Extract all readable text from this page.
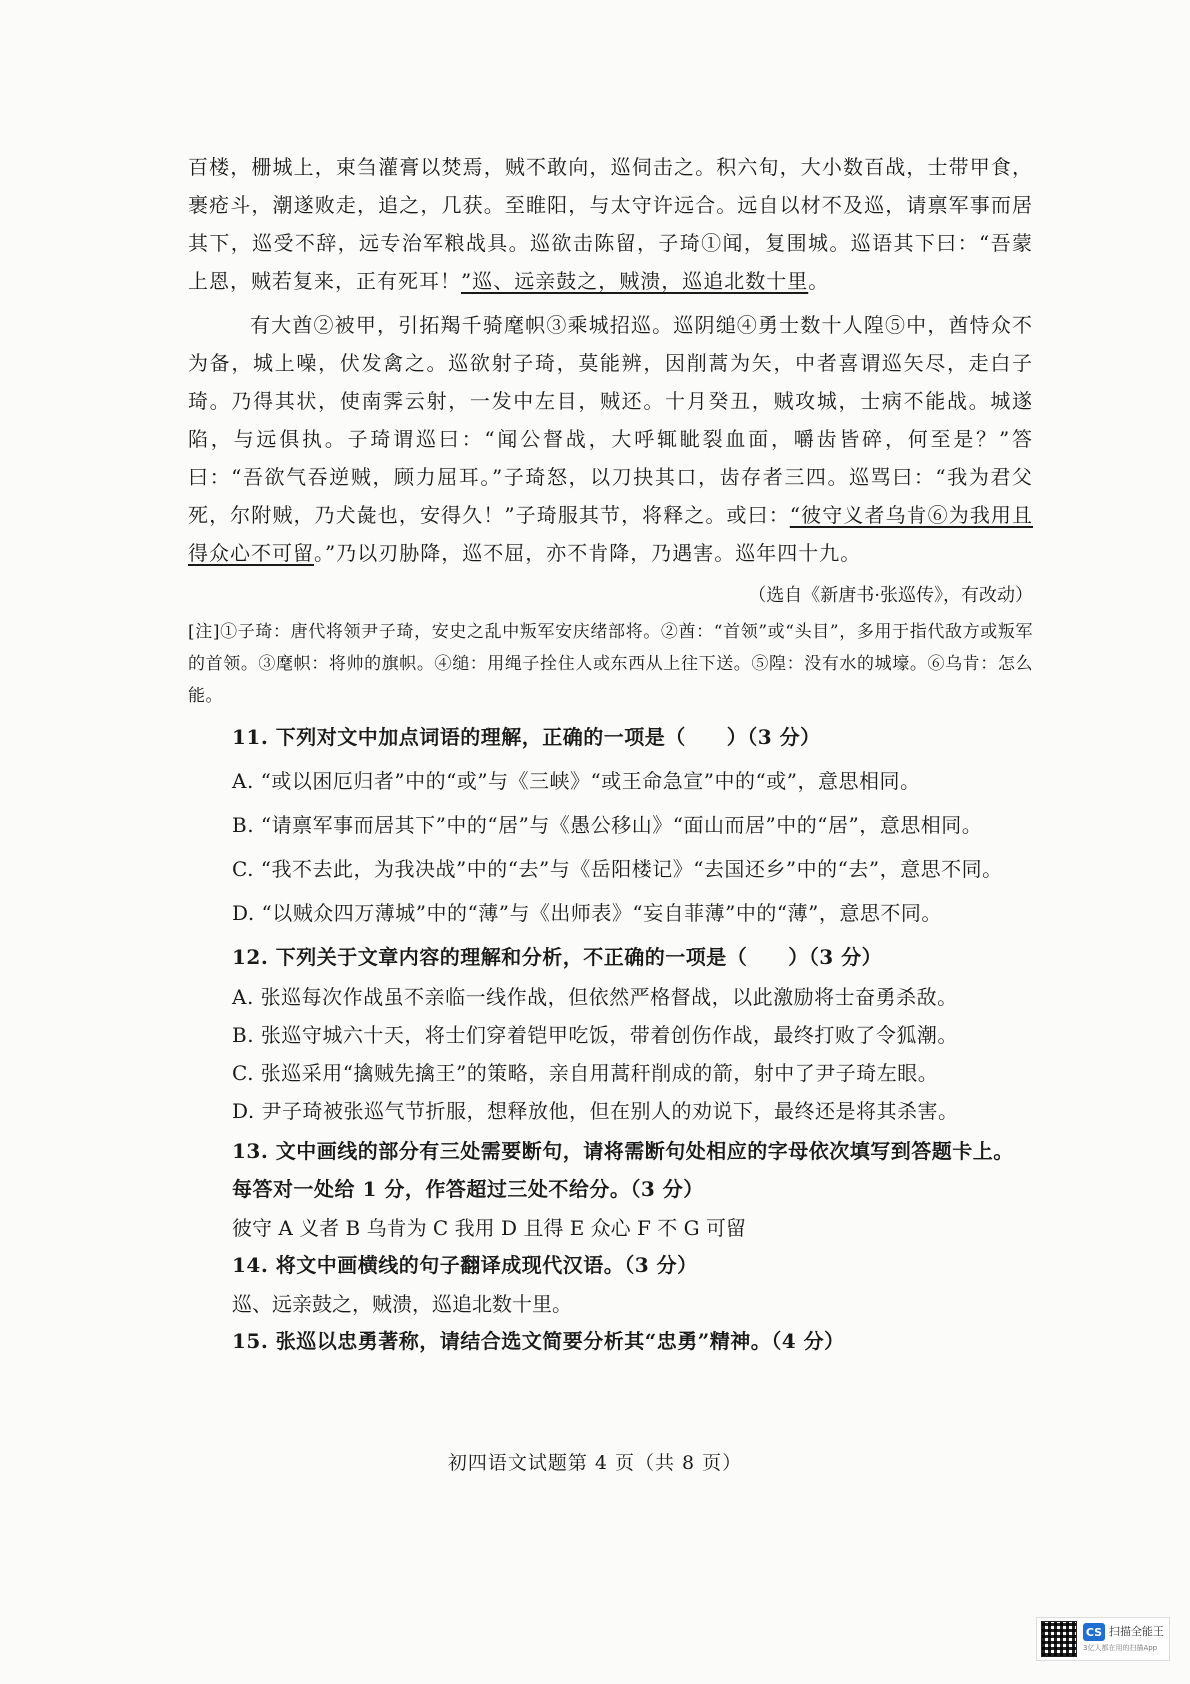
百楼，栅城上，束刍灌膏以焚焉，贼不敢向，巡伺击之。积六旬，大小数百战，士带甲食，裹疮斗，潮遂败走，追之，几获。至睢阳，与太守许远合。远自以材不及巡，请禀军事而居其下，巡受不辞，远专治军粮战具。巡欲击陈留，子琦①闻，复围城。巡语其下曰：“吾蒙上恩，贼若复来，正有死耳！”巡、远亲鼓之，贼溃，巡追北数十里。

有大酋②被甲，引拓羯千骑麾帜③乘城招巡。巡阴缒④勇士数十人隍⑤中，酋恃众不为备，城上噪，伏发禽之。巡欲射子琦，莫能辨，因削蒿为矢，中者喜谓巡矢尽，走白子琦。乃得其状，使南霁云射，一发中左目，贼还。十月癸丑，贼攻城，士病不能战。城遂陷，与远俱执。子琦谓巡曰：“闻公督战，大呼辄眦裂血面，嚼齿皆碎，何至是？”答曰：“吾欲气吞逆贼，顾力屈耳。”子琦怒，以刀抉其口，齿存者三四。巡骂曰：“我为君父死，尔附贼，乃犬彘也，安得久！”子琦服其节，将释之。或曰：“彼守义者乌肯⑥为我用且得众心不可留。”乃以刃胁降，巡不屈，亦不肯降，乃遇害。巡年四十九。

（选自《新唐书·张巡传》，有改动）

[注]①子琦：唐代将领尹子琦，安史之乱中叛军安庆绪部将。②酋：“首领”或“头目”，多用于指代敌方或叛军的首领。③麾帜：将帅的旗帜。④缒：用绳子拴住人或东西从上往下送。⑤隍：没有水的城壕。⑥乌肯：怎么能。

11. 下列对文中加点词语的理解，正确的一项是（　　）（3 分）

A. “或以困厄归者”中的“或”与《三峡》“或王命急宣”中的“或”，意思相同。

B. “请禀军事而居其下”中的“居”与《愚公移山》“面山而居”中的“居”，意思相同。

C. “我不去此，为我决战”中的“去”与《岳阳楼记》“去国还乡”中的“去”，意思不同。

D. “以贼众四万薄城”中的“薄”与《出师表》“妄自菲薄”中的“薄”，意思不同。

12. 下列关于文章内容的理解和分析，不正确的一项是（　　）（3 分）

A. 张巡每次作战虽不亲临一线作战，但依然严格督战，以此激励将士奋勇杀敌。

B. 张巡守城六十天，将士们穿着铠甲吃饭，带着创伤作战，最终打败了令狐潮。

C. 张巡采用“擒贼先擒王”的策略，亲自用蒿秆削成的箭，射中了尹子琦左眼。

D. 尹子琦被张巡气节折服，想释放他，但在别人的劝说下，最终还是将其杀害。

13. 文中画线的部分有三处需要断句，请将需断句处相应的字母依次填写到答题卡上。每答对一处给 1 分，作答超过三处不给分。（3 分）

彼守 A 义者 B 乌肯为 C 我用 D 且得 E 众心 F 不 G 可留

14. 将文中画横线的句子翻译成现代汉语。（3 分）

巡、远亲鼓之，贼溃，巡追北数十里。

15. 张巡以忠勇著称，请结合选文简要分析其“忠勇”精神。（4 分）

初四语文试题第 4 页（共 8 页）
CS 扫描全能王
3亿人都在用的扫描App
